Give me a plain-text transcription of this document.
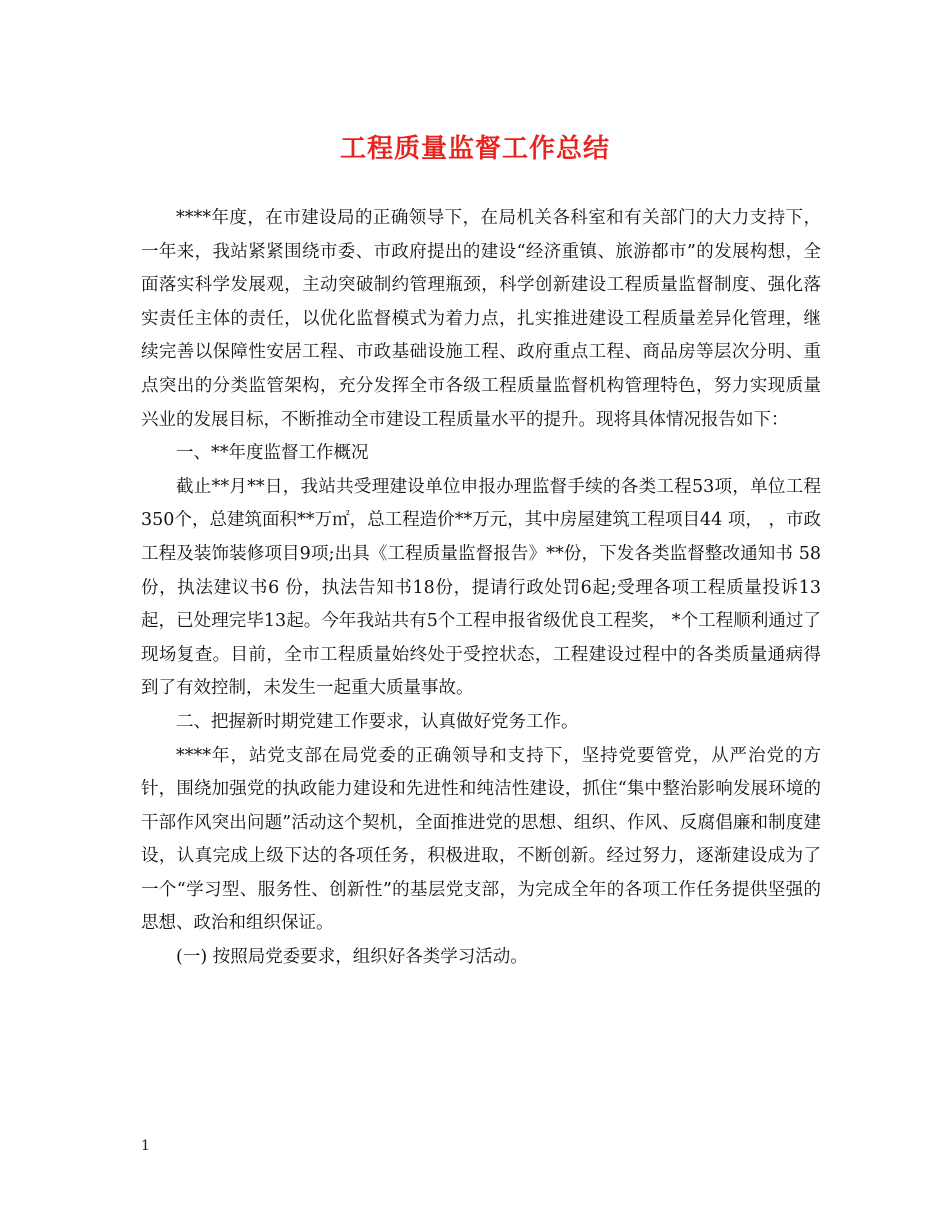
工程质量监督工作总结

****年度，在市建设局的正确领导下，在局机关各科室和有关部门的大力支持下，一年来，我站紧紧围绕市委、市政府提出的建设“经济重镇、旅游都市”的发展构想，全面落实科学发展观，主动突破制约管理瓶颈，科学创新建设工程质量监督制度、强化落实责任主体的责任，以优化监督模式为着力点，扎实推进建设工程质量差异化管理，继续完善以保障性安居工程、市政基础设施工程、政府重点工程、商品房等层次分明、重点突出的分类监管架构，充分发挥全市各级工程质量监督机构管理特色，努力实现质量兴业的发展目标，不断推动全市建设工程质量水平的提升。现将具体情况报告如下：

一、**年度监督工作概况

截止**月**日，我站共受理建设单位申报办理监督手续的各类工程53项，单位工程350个，总建筑面积**万㎡，总工程造价**万元，其中房屋建筑工程项目44 项， ，市政工程及装饰装修项目9项;出具《工程质量监督报告》**份，下发各类监督整改通知书 58份，执法建议书6 份，执法告知书18份，提请行政处罚6起;受理各项工程质量投诉13起，已处理完毕13起。今年我站共有5个工程申报省级优良工程奖， *个工程顺利通过了现场复查。目前，全市工程质量始终处于受控状态，工程建设过程中的各类质量通病得到了有效控制，未发生一起重大质量事故。

二、把握新时期党建工作要求，认真做好党务工作。

****年，站党支部在局党委的正确领导和支持下，坚持党要管党，从严治党的方针，围绕加强党的执政能力建设和先进性和纯洁性建设，抓住“集中整治影响发展环境的干部作风突出问题”活动这个契机，全面推进党的思想、组织、作风、反腐倡廉和制度建设，认真完成上级下达的各项任务，积极进取，不断创新。经过努力，逐渐建设成为了一个“学习型、服务性、创新性”的基层党支部，为完成全年的各项工作任务提供坚强的思想、政治和组织保证。

(一) 按照局党委要求，组织好各类学习活动。

1
